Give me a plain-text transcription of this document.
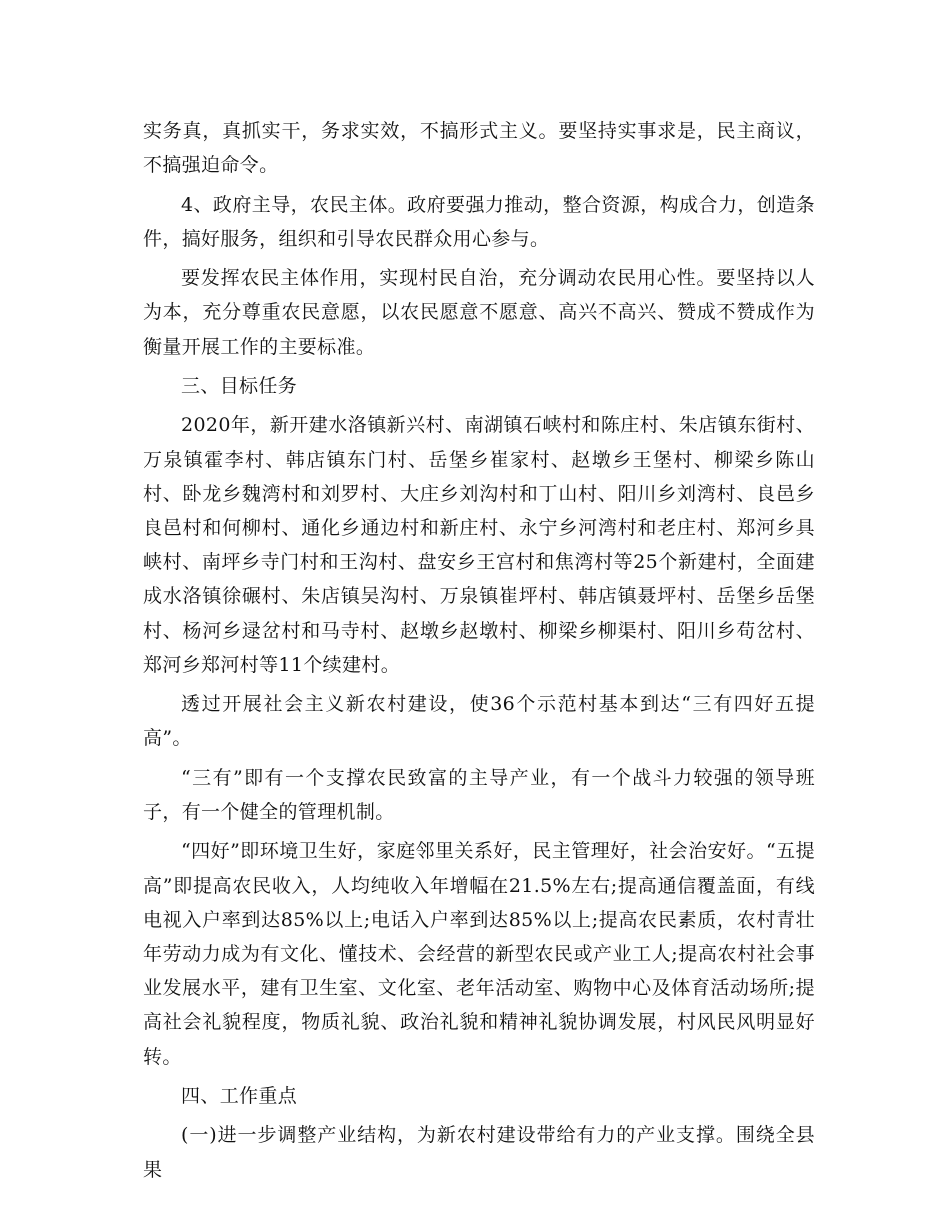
实务真，真抓实干，务求实效，不搞形式主义。要坚持实事求是，民主商议，不搞强迫命令。

4、政府主导，农民主体。政府要强力推动，整合资源，构成合力，创造条件，搞好服务，组织和引导农民群众用心参与。

要发挥农民主体作用，实现村民自治，充分调动农民用心性。要坚持以人为本，充分尊重农民意愿，以农民愿意不愿意、高兴不高兴、赞成不赞成作为衡量开展工作的主要标准。

三、目标任务

2020年，新开建水洛镇新兴村、南湖镇石峡村和陈庄村、朱店镇东街村、万泉镇霍李村、韩店镇东门村、岳堡乡崔家村、赵墩乡王堡村、柳梁乡陈山村、卧龙乡魏湾村和刘罗村、大庄乡刘沟村和丁山村、阳川乡刘湾村、良邑乡良邑村和何柳村、通化乡通边村和新庄村、永宁乡河湾村和老庄村、郑河乡具峡村、南坪乡寺门村和王沟村、盘安乡王宫村和焦湾村等25个新建村，全面建成水洛镇徐碾村、朱店镇吴沟村、万泉镇崔坪村、韩店镇聂坪村、岳堡乡岳堡村、杨河乡逯岔村和马寺村、赵墩乡赵墩村、柳梁乡柳渠村、阳川乡苟岔村、郑河乡郑河村等11个续建村。

透过开展社会主义新农村建设，使36个示范村基本到达“三有四好五提高”。

“三有”即有一个支撑农民致富的主导产业，有一个战斗力较强的领导班子，有一个健全的管理机制。

“四好”即环境卫生好，家庭邻里关系好，民主管理好，社会治安好。“五提高”即提高农民收入，人均纯收入年增幅在21.5%左右;提高通信覆盖面，有线电视入户率到达85%以上;电话入户率到达85%以上;提高农民素质，农村青壮年劳动力成为有文化、懂技术、会经营的新型农民或产业工人;提高农村社会事业发展水平，建有卫生室、文化室、老年活动室、购物中心及体育活动场所;提高社会礼貌程度，物质礼貌、政治礼貌和精神礼貌协调发展，村风民风明显好转。

四、工作重点

(一)进一步调整产业结构，为新农村建设带给有力的产业支撑。围绕全县果
